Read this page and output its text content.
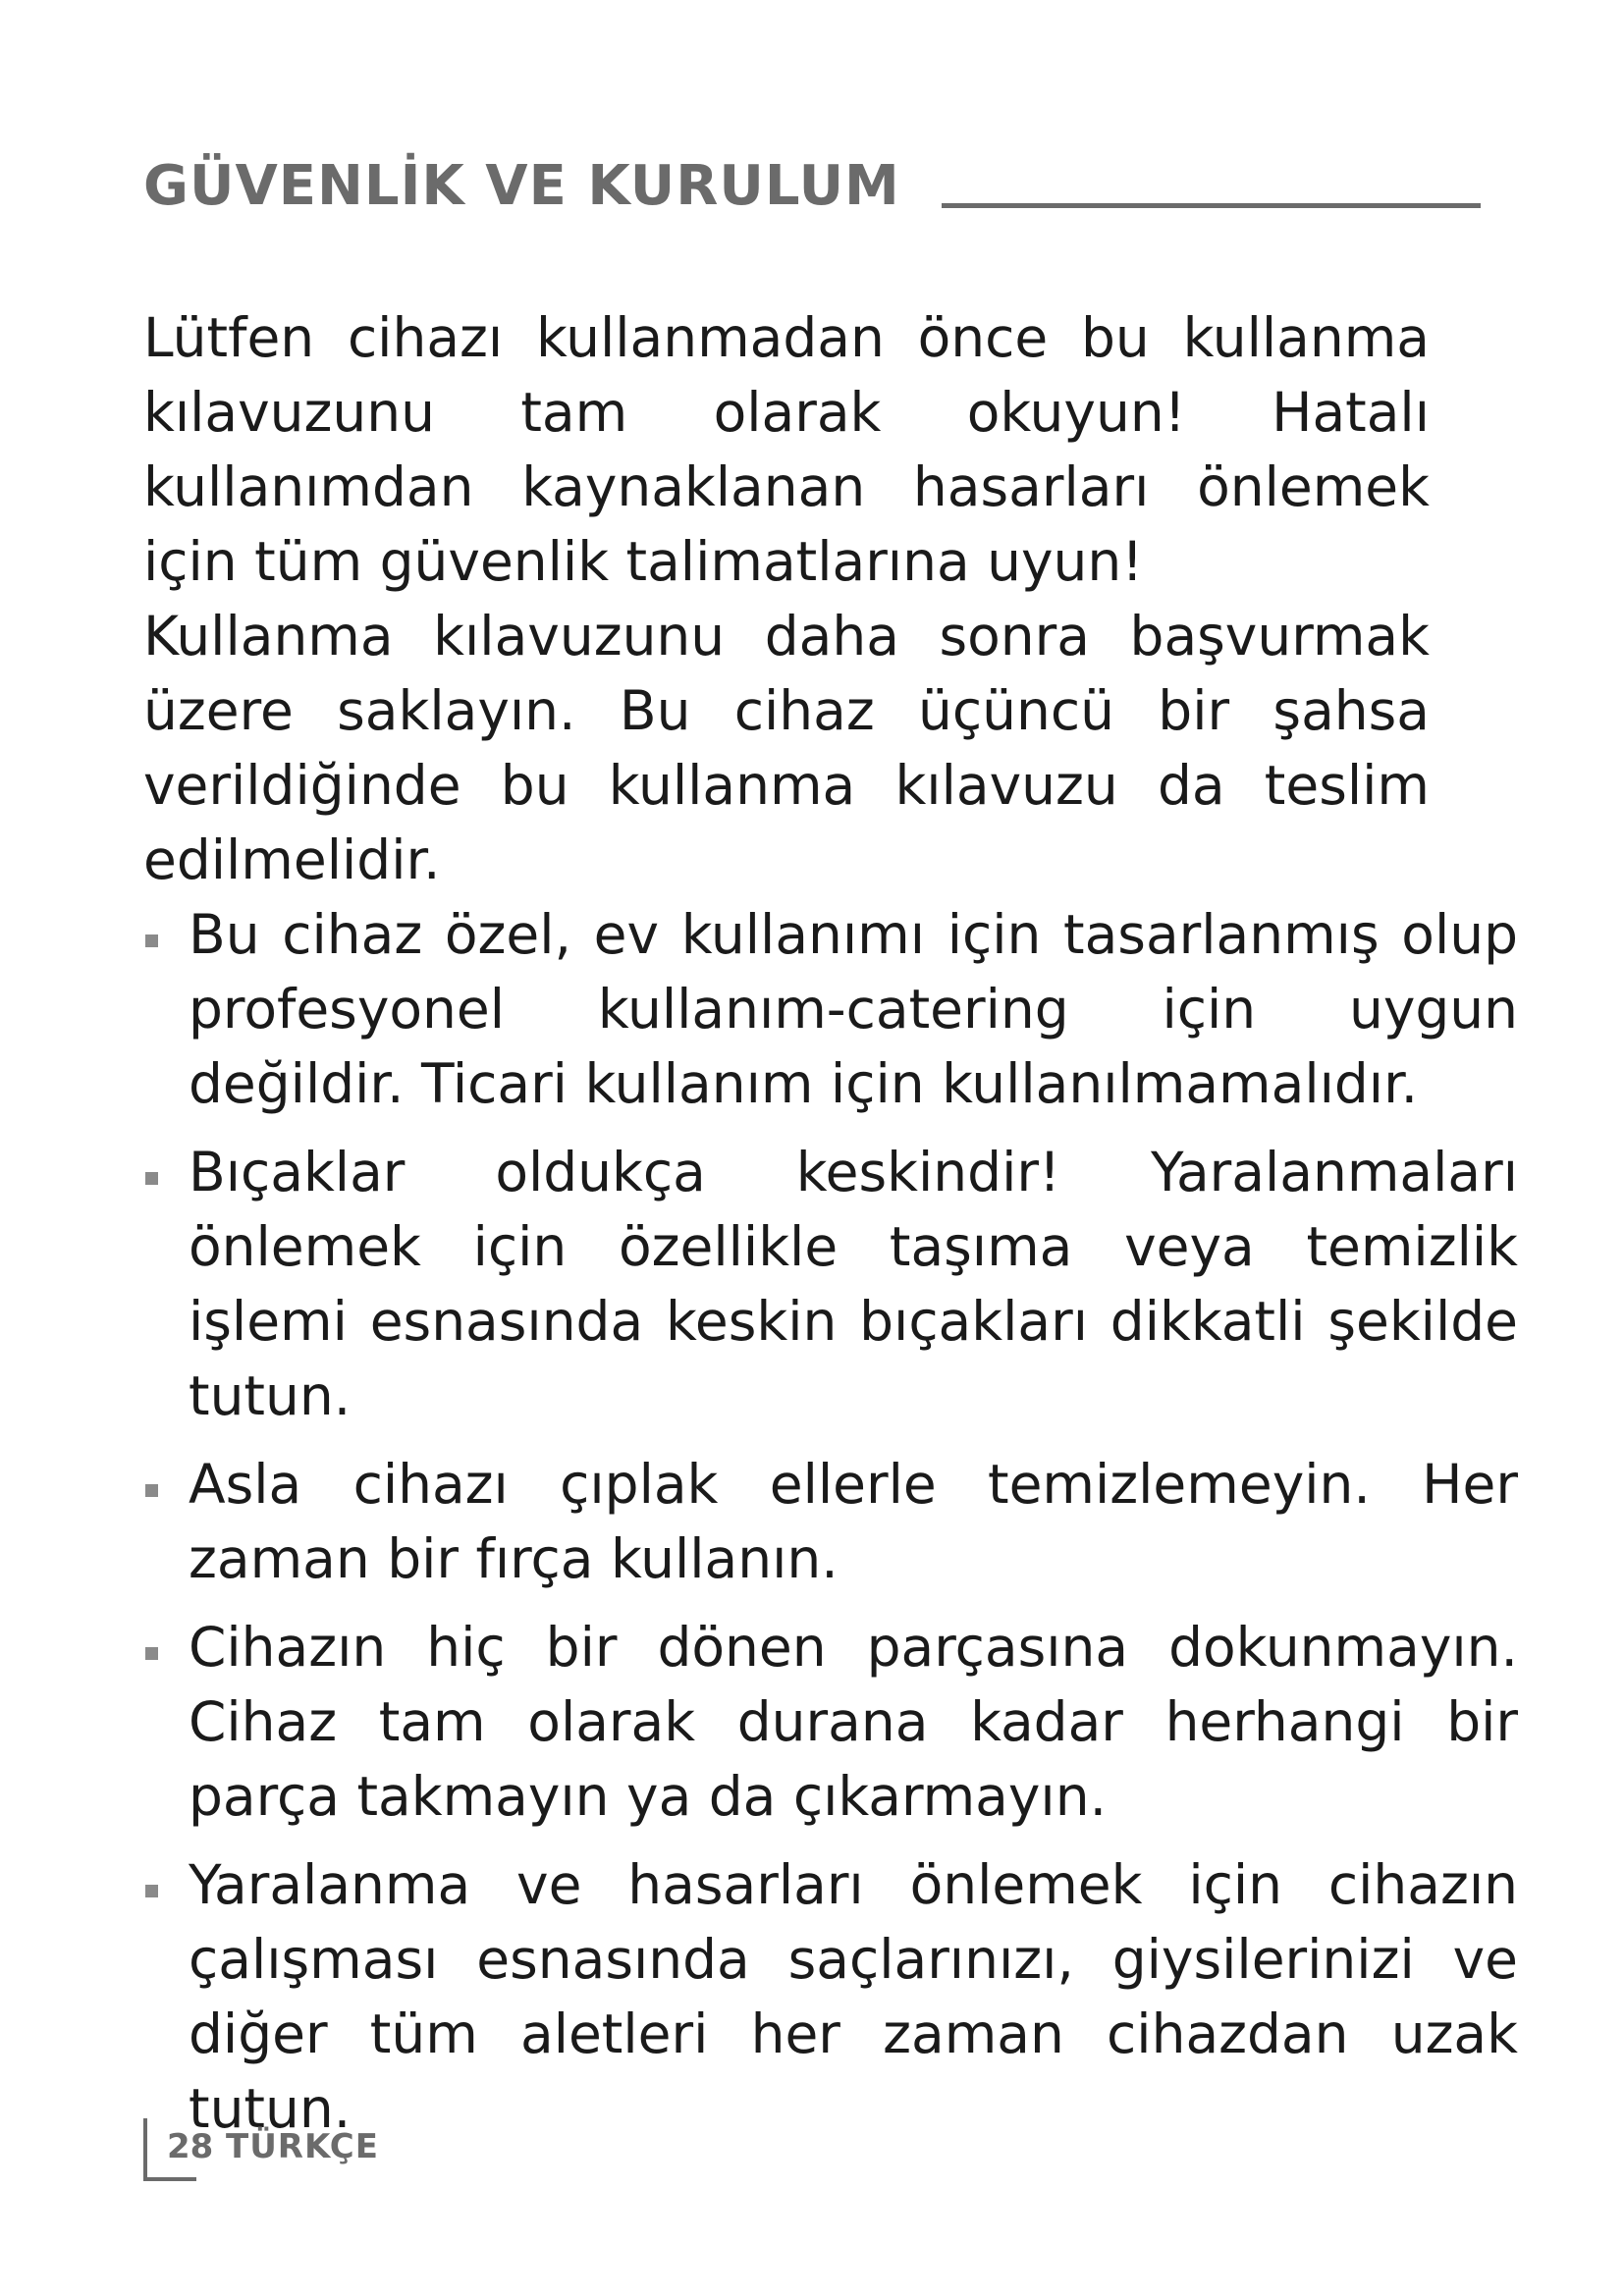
GÜVENLİK VE KURULUM

Lütfen cihazı kullanmadan önce bu kullanma kılavuzunu tam olarak okuyun! Hatalı kullanımdan kaynaklanan hasarları önlemek için tüm güvenlik talimatlarına uyun!

Kullanma kılavuzunu daha sonra başvurmak üzere saklayın. Bu cihaz üçüncü bir şahsa verildiğinde bu kullanma kılavuzu da teslim edilmelidir.

Bu cihaz özel, ev kullanımı için tasarlanmış olup profesyonel kullanım-catering için uygun değildir. Ticari kullanım için kullanılmamalıdır.
Bıçaklar oldukça keskindir! Yaralanmaları önlemek için özellikle taşıma veya temizlik işlemi esnasında keskin bıçakları dikkatli şekilde tutun.
Asla cihazı çıplak ellerle temizlemeyin. Her zaman bir fırça kullanın.
Cihazın hiç bir dönen parçasına dokunmayın. Cihaz tam olarak durana kadar herhangi bir parça takmayın ya da çıkarmayın.
Yaralanma ve hasarları önlemek için cihazın çalışması esnasında saçlarınızı, giysilerinizi ve diğer tüm aletleri her zaman cihazdan uzak tutun.
28 TÜRKÇE
